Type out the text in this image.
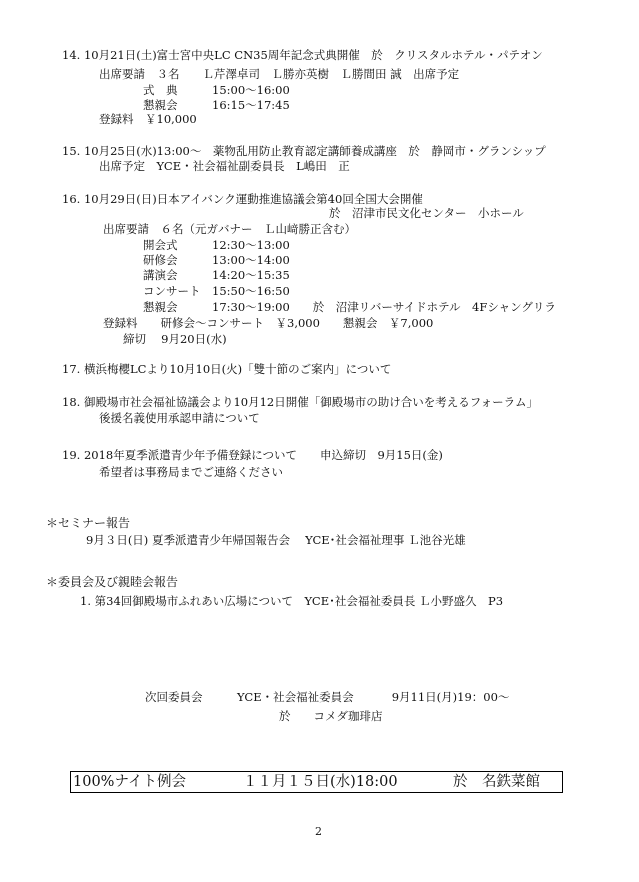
14. 10月21日(土)富士宮中央LC CN35周年記念式典開催　於　クリスタルホテル・パテオン
出席要請　３名　　Ｌ芹澤卓司　Ｌ勝亦英樹　Ｌ勝間田 誠　出席予定
式　典　　　15:00～16:00
懇親会　　　16:15～17:45
登録料　￥10,000
15. 10月25日(水)13:00～　薬物乱用防止教育認定講師養成講座　於　静岡市・グランシップ
出席予定　YCE・社会福祉副委員長　L嶋田　正
16. 10月29日(日)日本アイバンク運動推進協議会第40回全国大会開催
於　沼津市民文化センター　小ホール
出席要請　６名（元ガバナー　Ｌ山﨑勝正含む）
開会式　　　12:30～13:00
研修会　　　13:00～14:00
講演会　　　14:20～15:35
コンサート　15:50～16:50
懇親会　　　17:30～19:00　　於　沼津リバーサイドホテル　4Fシャングリラ
登録料　　研修会～コンサート　￥3,000　　懇親会　￥7,000
締切　 9月20日(水)
17. 横浜梅櫻LCより10月10日(火)「雙十節のご案内」について
18. 御殿場市社会福祉協議会より10月12日開催「御殿場市の助け合いを考えるフォーラム」
後援名義使用承認申請について
19. 2018年夏季派遣青少年予備登録について　　申込締切　9月15日(金)
希望者は事務局までご連絡ください
＊セミナー報告
9月３日(日) 夏季派遣青少年帰国報告会　 YCE･社会福祉理事 Ｌ池谷光雄
＊委員会及び親睦会報告
1. 第34回御殿場市ふれあい広場について　YCE･社会福祉委員長 Ｌ小野盛久　P3
次回委員会　　　YCE・社会福祉委員会　　　 9月11日(月)19：00～
於　　コメダ珈琲店
100%ナイト例会	１１月１５日(水)18:00	於　名鉄菜館
2
